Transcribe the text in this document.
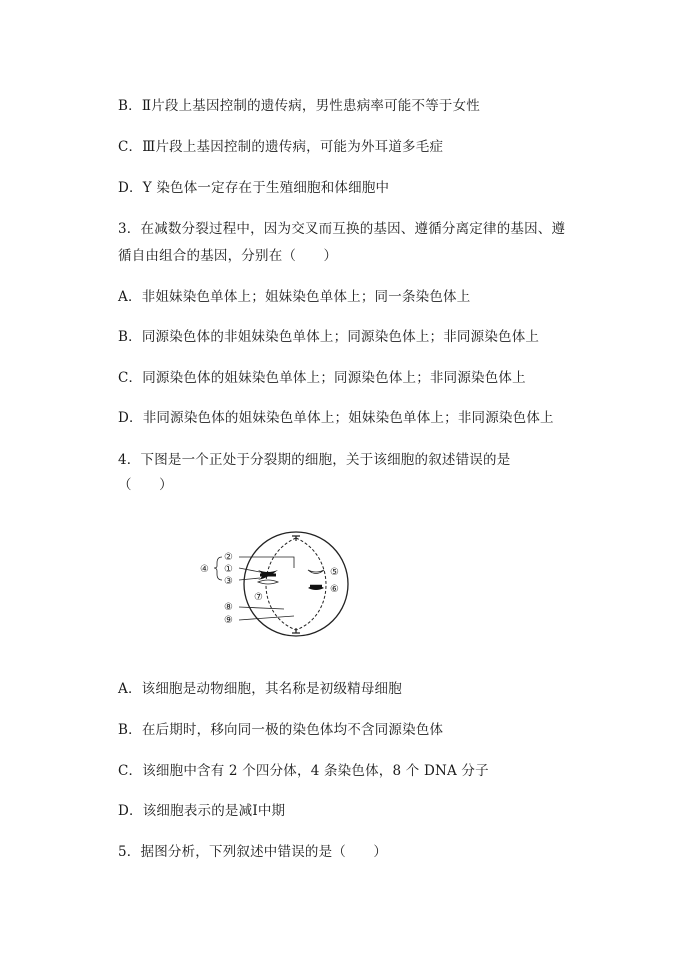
B．Ⅱ片段上基因控制的遗传病，男性患病率可能不等于女性
C．Ⅲ片段上基因控制的遗传病，可能为外耳道多毛症
D．Y 染色体一定存在于生殖细胞和体细胞中
3．在减数分裂过程中，因为交叉而互换的基因、遵循分离定律的基因、遵
循自由组合的基因，分别在（　　）
A．非姐妹染色单体上；姐妹染色单体上；同一条染色体上
B．同源染色体的非姐妹染色单体上；同源染色体上；非同源染色体上
C．同源染色体的姐妹染色单体上；同源染色体上；非同源染色体上
D．非同源染色体的姐妹染色单体上；姐妹染色单体上；非同源染色体上
4．下图是一个正处于分裂期的细胞，关于该细胞的叙述错误的是
（　　）
A．该细胞是动物细胞，其名称是初级精母细胞
B．在后期时，移向同一极的染色体均不含同源染色体
C．该细胞中含有 2 个四分体，4 条染色体，8 个 DNA 分子
D．该细胞表示的是减Ⅰ中期
5．据图分析，下列叙述中错误的是（　　）
④
②
①
③
⑤
⑥
⑦
⑧
⑨
